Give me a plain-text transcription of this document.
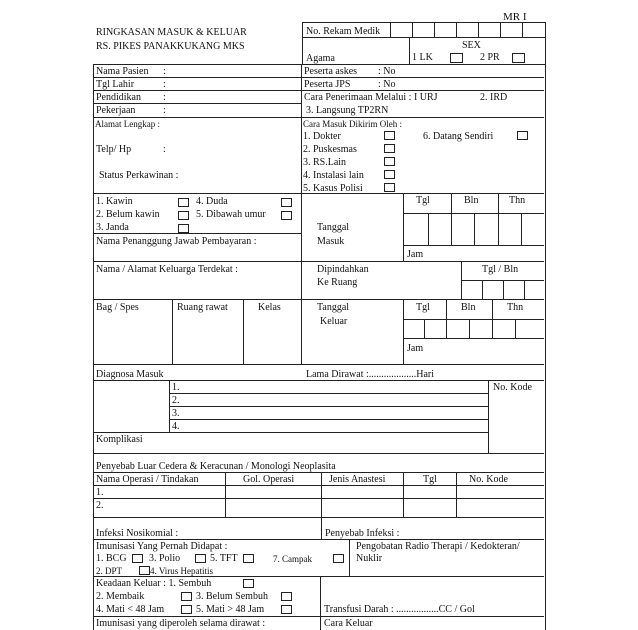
MR I
RINGKASAN MASUK & KELUAR
RS. PIKES PANAKKUKANG MKS
No. Rekam Medik
Agama
SEX
1 LK	2 PR
Nama Pasien :
Tgl Lahir	:
Pendidikan :
Pekerjaan	:
Peserta askes : No
Peserta JPS	: No
Cara Penerimaan Melalui : I URJ	2. IRD
3. Langsung TP2RN
Alamat Lengkap :
Telp/ Hp	:
Status Perkawinan :
1. Kawin	4. Duda
2. Belum kawin	5. Dibawah umur
3. Janda
Nama Penanggung Jawab Pembayaran :
Nama / Alamat Keluarga Terdekat :
Bag / Spes	Ruang rawat	Kelas
Cara Masuk Dikirim Oleh :
1. Dokter	6. Datang Sendiri
2. Puskesmas
3. RS.Lain
4. Instalasi lain
5. Kasus Polisi
Tanggal
Masuk
Tgl	Bln	Thn
Jam
Dipindahkan
Ke Ruang
Tgl / Bln
Tanggal
Keluar
Tgl	Bln	Thn
Jam
Diagnosa Masuk	Lama Dirawat :...................Hari
No. Kode
1.
2.
3.
4.
Komplikasi
Penyebab Luar Cedera & Keracunan / Monologi Neoplasita
Nama Operasi / Tindakan	Gol. Operasi	Jenis Anastesi	Tgl	No. Kode
1.
2.
Infeksi Nosikomial :	Penyebab Infeksi :
Imunisasi Yang Pernah Didapat :
1. BCG 3. Polio	5. TFT	7. Campak
2. DPT	4. Virus Hepatitis
Pengobatan Radio Therapi / Kedokteran/
Nuklir
Keadaan Keluar : 1. Sembuh
2. Membaik	3. Belum Sembuh
4. Mati < 48 Jam	5. Mati > 48 Jam	Transfusi Darah : .................CC / Gol
Imunisasi yang diperoleh selama dirawat :	Cara Keluar
